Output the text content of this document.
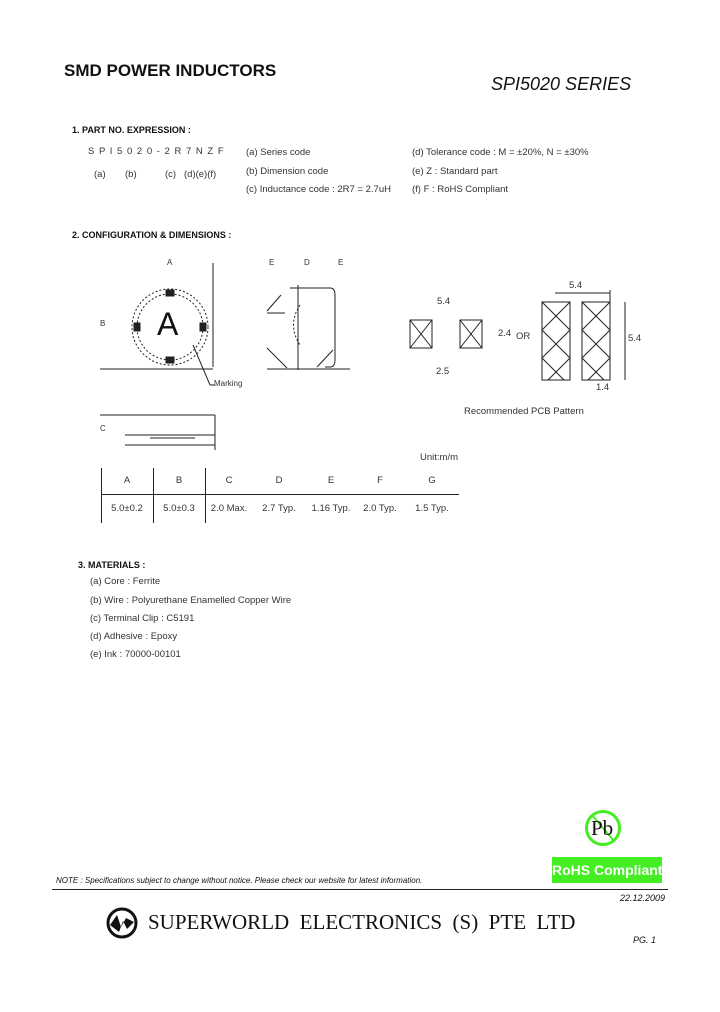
SMD POWER INDUCTORS
SPI5020 SERIES
1. PART NO. EXPRESSION :
S P I 5 0 2 0 - 2 R 7 N Z F
(a) (b)	(c) (d)(e)(f)
(a) Series code
(b) Dimension code
(c) Inductance code : 2R7 = 2.7uH
(d) Tolerance code : M = ±20%, N = ±30%
(e) Z : Standard part
(f) F : RoHS Compliant
2. CONFIGURATION & DIMENSIONS :
A
B
C
D
E	E
A
Marking
5.4
2.4
2.5
OR
5.4
5.4
1.4
Recommended PCB Pattern
Unit:m/m
A	B	C	D	E	F	G
5.0±0.2	5.0±0.3	2.0 Max.	2.7 Typ.	1.16 Typ.	2.0 Typ.	1.5 Typ.
3. MATERIALS :
(a) Core : Ferrite
(b) Wire : Polyurethane Enamelled Copper Wire
(c) Terminal Clip : C5191
(d) Adhesive : Epoxy
(e) Ink : 70000-00101
Pb
RoHS Compliant
NOTE : Specifications subject to change without notice. Please check our website for latest information.
22.12.2009
SUPERWORLD  ELECTRONICS  (S)  PTE  LTD
PG. 1
